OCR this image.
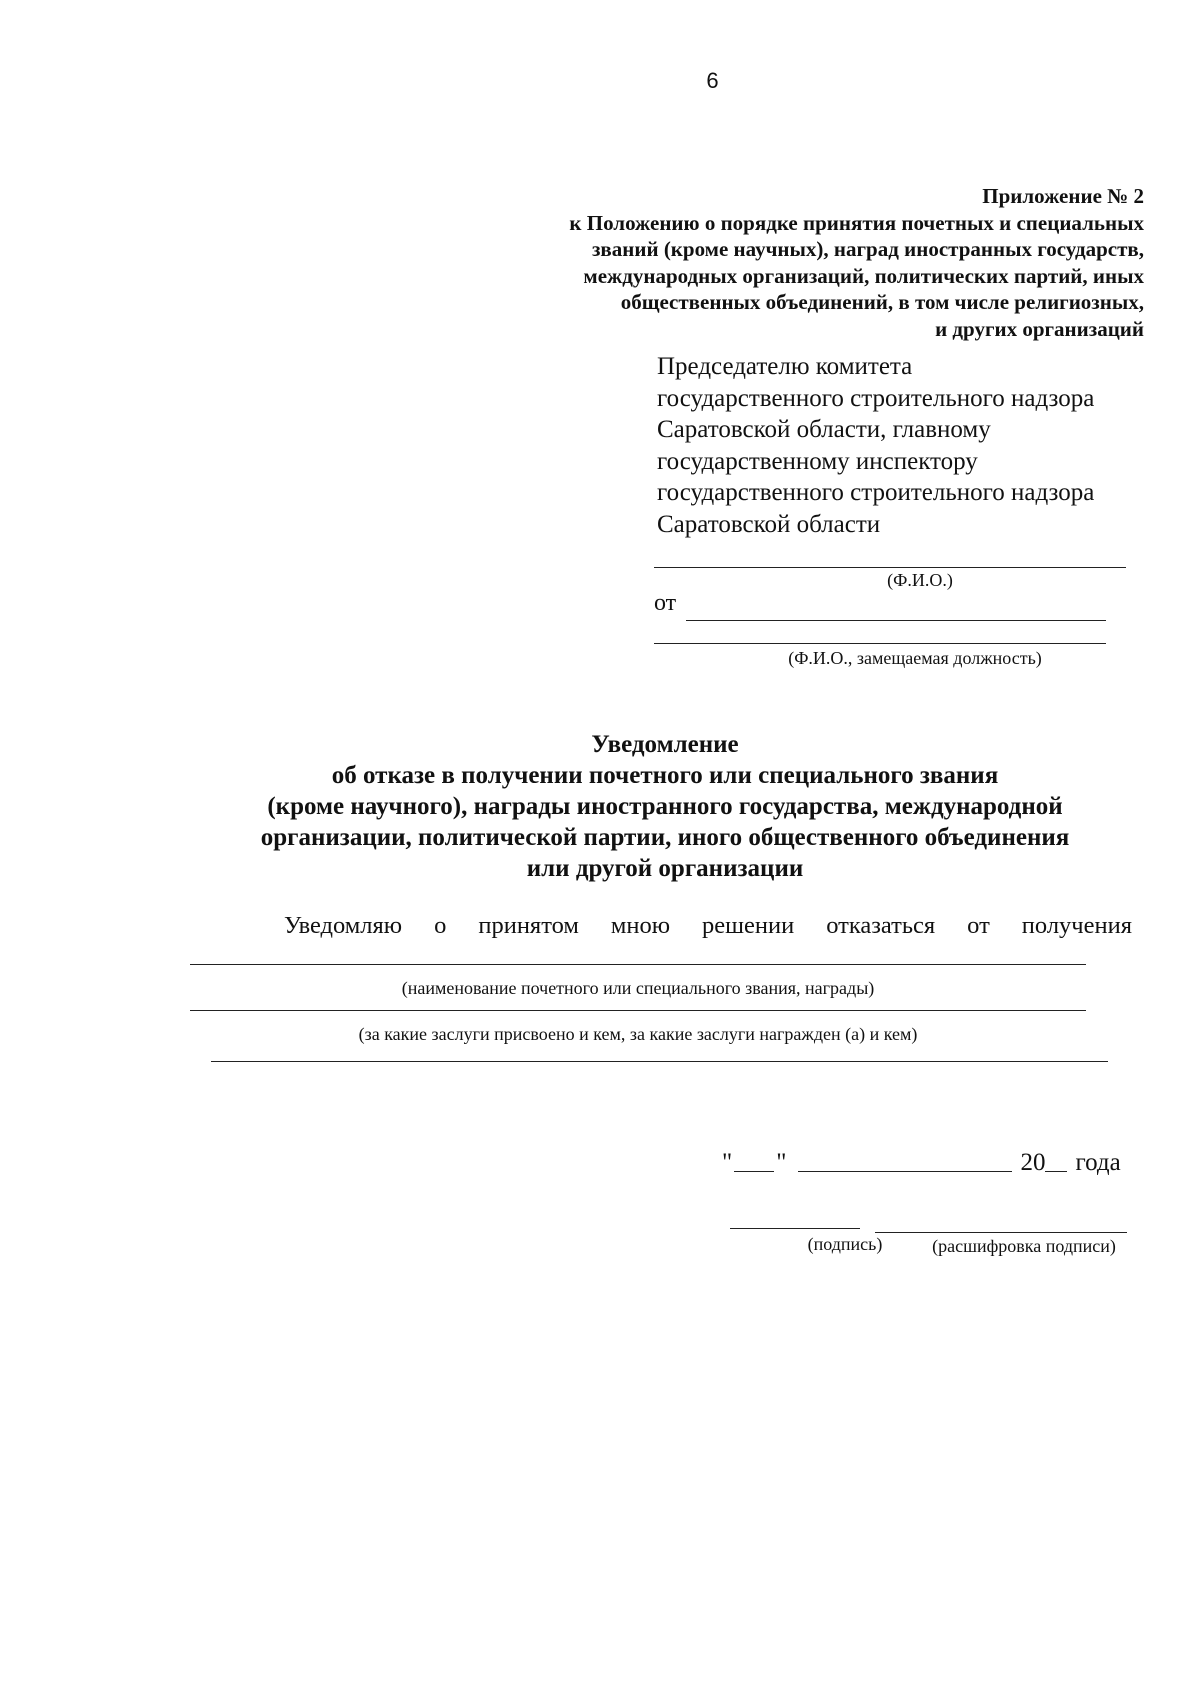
6
Приложение № 2
к Положению о порядке принятия почетных и специальных
званий (кроме научных), наград иностранных государств,
международных организаций, политических партий, иных
общественных объединений, в том числе религиозных,
и других организаций
Председателю комитета
государственного строительного надзора
Саратовской области, главному
государственному инспектору
государственного строительного надзора
Саратовской области
(Ф.И.О.)
от
(Ф.И.О., замещаемая должность)
Уведомление
об отказе в получении почетного или специального звания
(кроме научного), награды иностранного государства, международной
организации, политической партии, иного общественного объединения
или другой организации
Уведомляю о принятом мною решении отказаться от получения
(наименование почетного или специального звания, награды)
(за какие заслуги присвоено и кем, за какие заслуги награжден (а) и кем)
" "	20 года
(подпись)	(расшифровка подписи)
